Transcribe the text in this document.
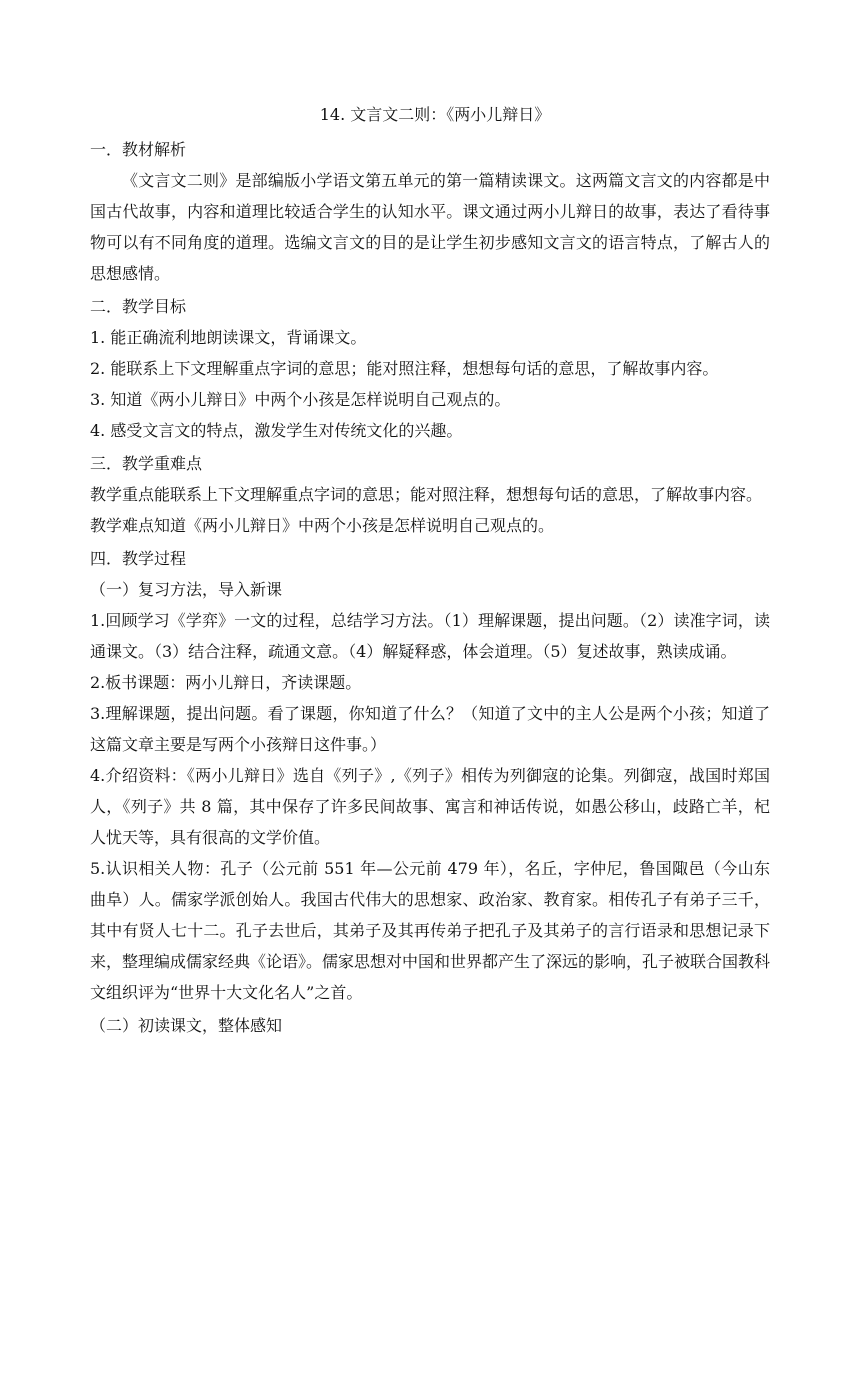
14. 文言文二则：《两小儿辩日》
一．教材解析
《文言文二则》是部编版小学语文第五单元的第一篇精读课文。这两篇文言文的内容都是中国古代故事，内容和道理比较适合学生的认知水平。课文通过两小儿辩日的故事，表达了看待事物可以有不同角度的道理。选编文言文的目的是让学生初步感知文言文的语言特点，了解古人的思想感情。
二．教学目标
1. 能正确流利地朗读课文，背诵课文。
2. 能联系上下文理解重点字词的意思；能对照注释，想想每句话的意思，了解故事内容。
3. 知道《两小儿辩日》中两个小孩是怎样说明自己观点的。
4. 感受文言文的特点，激发学生对传统文化的兴趣。
三．教学重难点
教学重点能联系上下文理解重点字词的意思；能对照注释，想想每句话的意思，了解故事内容。
教学难点知道《两小儿辩日》中两个小孩是怎样说明自己观点的。
四．教学过程
（一）复习方法，导入新课
1.回顾学习《学弈》一文的过程，总结学习方法。（1）理解课题，提出问题。（2）读准字词，读通课文。（3）结合注释，疏通文意。（4）解疑释惑，体会道理。（5）复述故事，熟读成诵。
2.板书课题：两小儿辩日，齐读课题。
3.理解课题，提出问题。看了课题，你知道了什么？（知道了文中的主人公是两个小孩；知道了这篇文章主要是写两个小孩辩日这件事。）
4.介绍资料：《两小儿辩日》选自《列子》,《列子》相传为列御寇的论集。列御寇，战国时郑国人，《列子》共 8 篇，其中保存了许多民间故事、寓言和神话传说，如愚公移山，歧路亡羊，杞人忧天等，具有很高的文学价值。
5.认识相关人物：孔子（公元前 551 年—公元前 479 年），名丘，字仲尼，鲁国陬邑（今山东曲阜）人。儒家学派创始人。我国古代伟大的思想家、政治家、教育家。相传孔子有弟子三千，其中有贤人七十二。孔子去世后，其弟子及其再传弟子把孔子及其弟子的言行语录和思想记录下来，整理编成儒家经典《论语》。儒家思想对中国和世界都产生了深远的影响，孔子被联合国教科文组织评为“世界十大文化名人”之首。
（二）初读课文，整体感知
